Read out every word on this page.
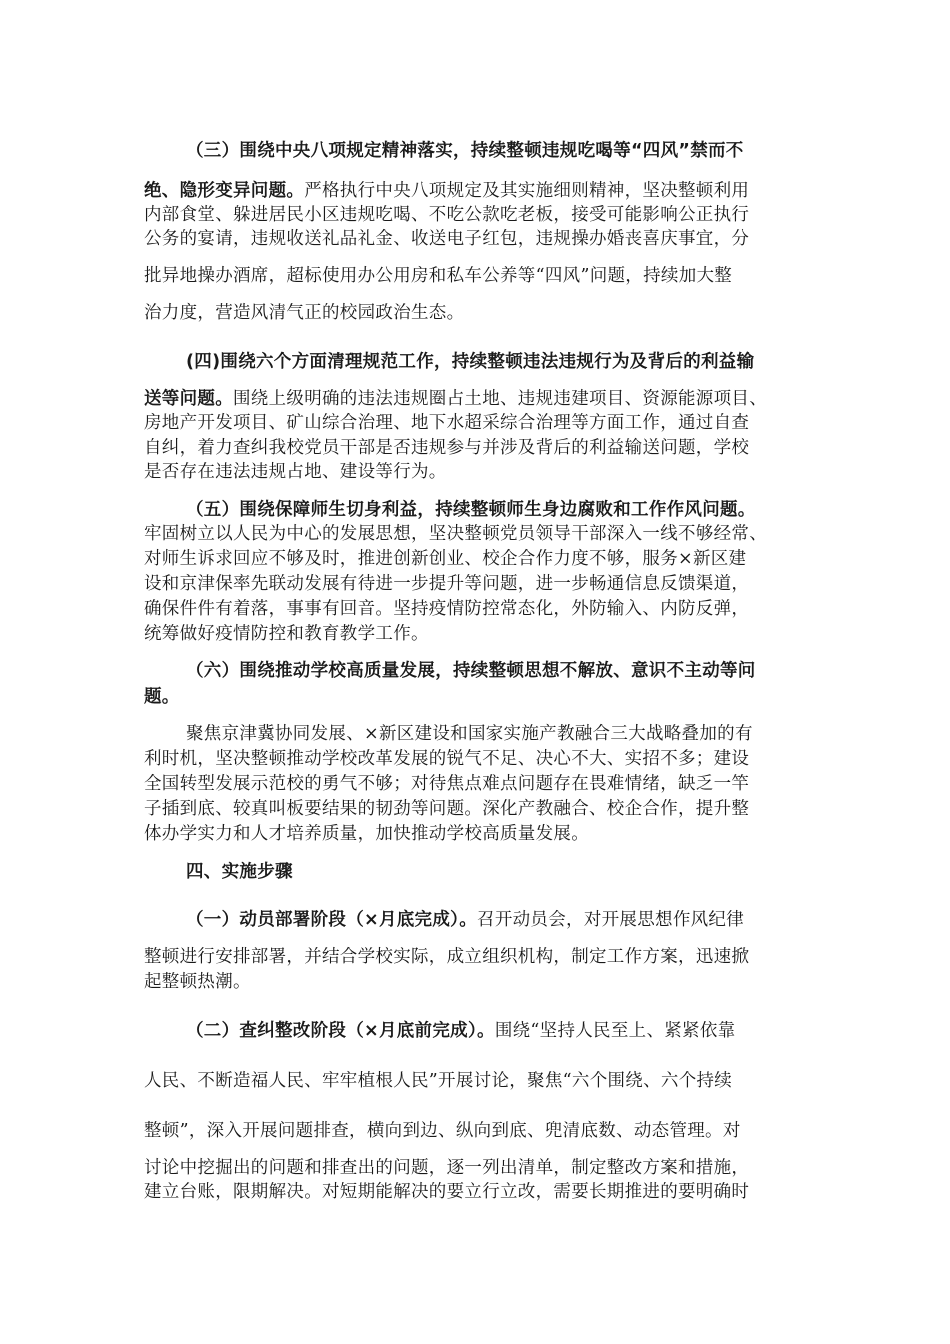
（三）围绕中央八项规定精神落实，持续整顿违规吃喝等“四风”禁而不
绝、隐形变异问题。严格执行中央八项规定及其实施细则精神，坚决整顿利用
内部食堂、躲进居民小区违规吃喝、不吃公款吃老板，接受可能影响公正执行
公务的宴请，违规收送礼品礼金、收送电子红包，违规操办婚丧喜庆事宜，分
批异地操办酒席，超标使用办公用房和私车公养等“四风”问题，持续加大整
治力度，营造风清气正的校园政治生态。
(四)围绕六个方面清理规范工作，持续整顿违法违规行为及背后的利益输
送等问题。围绕上级明确的违法违规圈占土地、违规违建项目、资源能源项目、
房地产开发项目、矿山综合治理、地下水超采综合治理等方面工作，通过自查
自纠，着力查纠我校党员干部是否违规参与并涉及背后的利益输送问题，学校
是否存在违法违规占地、建设等行为。
（五）围绕保障师生切身利益，持续整顿师生身边腐败和工作作风问题。
牢固树立以人民为中心的发展思想，坚决整顿党员领导干部深入一线不够经常、
对师生诉求回应不够及时，推进创新创业、校企合作力度不够，服务×新区建
设和京津保率先联动发展有待进一步提升等问题，进一步畅通信息反馈渠道，
确保件件有着落，事事有回音。坚持疫情防控常态化，外防输入、内防反弹，
统筹做好疫情防控和教育教学工作。
（六）围绕推动学校高质量发展，持续整顿思想不解放、意识不主动等问
题。
聚焦京津冀协同发展、×新区建设和国家实施产教融合三大战略叠加的有
利时机，坚决整顿推动学校改革发展的锐气不足、决心不大、实招不多；建设
全国转型发展示范校的勇气不够；对待焦点难点问题存在畏难情绪，缺乏一竿
子插到底、较真叫板要结果的韧劲等问题。深化产教融合、校企合作，提升整
体办学实力和人才培养质量，加快推动学校高质量发展。
四、实施步骤
（一）动员部署阶段（×月底完成）。召开动员会，对开展思想作风纪律
整顿进行安排部署，并结合学校实际，成立组织机构，制定工作方案，迅速掀
起整顿热潮。
（二）查纠整改阶段（×月底前完成）。围绕“坚持人民至上、紧紧依靠
人民、不断造福人民、牢牢植根人民”开展讨论，聚焦“六个围绕、六个持续
整顿”，深入开展问题排查，横向到边、纵向到底、兜清底数、动态管理。对
讨论中挖掘出的问题和排查出的问题，逐一列出清单，制定整改方案和措施，
建立台账，限期解决。对短期能解决的要立行立改，需要长期推进的要明确时
